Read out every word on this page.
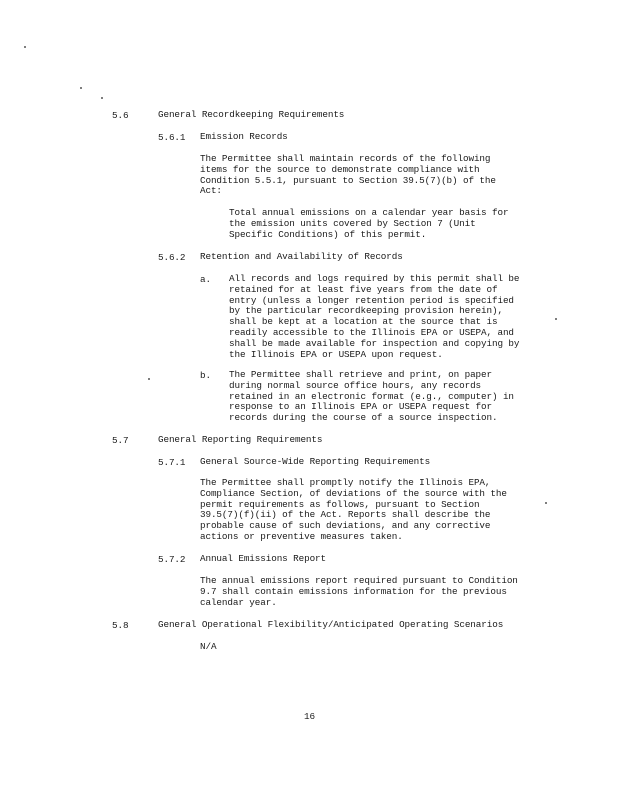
5.6	General Recordkeeping Requirements
5.6.1 Emission Records
The Permittee shall maintain records of the following items for the source to demonstrate compliance with Condition 5.5.1, pursuant to Section 39.5(7)(b) of the Act:
Total annual emissions on a calendar year basis for the emission units covered by Section 7 (Unit Specific Conditions) of this permit.
5.6.2 Retention and Availability of Records
a. All records and logs required by this permit shall be retained for at least five years from the date of entry (unless a longer retention period is specified by the particular recordkeeping provision herein), shall be kept at a location at the source that is readily accessible to the Illinois EPA or USEPA, and shall be made available for inspection and copying by the Illinois EPA or USEPA upon request.
b. The Permittee shall retrieve and print, on paper during normal source office hours, any records retained in an electronic format (e.g., computer) in response to an Illinois EPA or USEPA request for records during the course of a source inspection.
5.7	General Reporting Requirements
5.7.1 General Source-Wide Reporting Requirements
The Permittee shall promptly notify the Illinois EPA, Compliance Section, of deviations of the source with the permit requirements as follows, pursuant to Section 39.5(7)(f)(ii) of the Act. Reports shall describe the probable cause of such deviations, and any corrective actions or preventive measures taken.
5.7.2 Annual Emissions Report
The annual emissions report required pursuant to Condition 9.7 shall contain emissions information for the previous calendar year.
5.8	General Operational Flexibility/Anticipated Operating Scenarios
N/A
16
